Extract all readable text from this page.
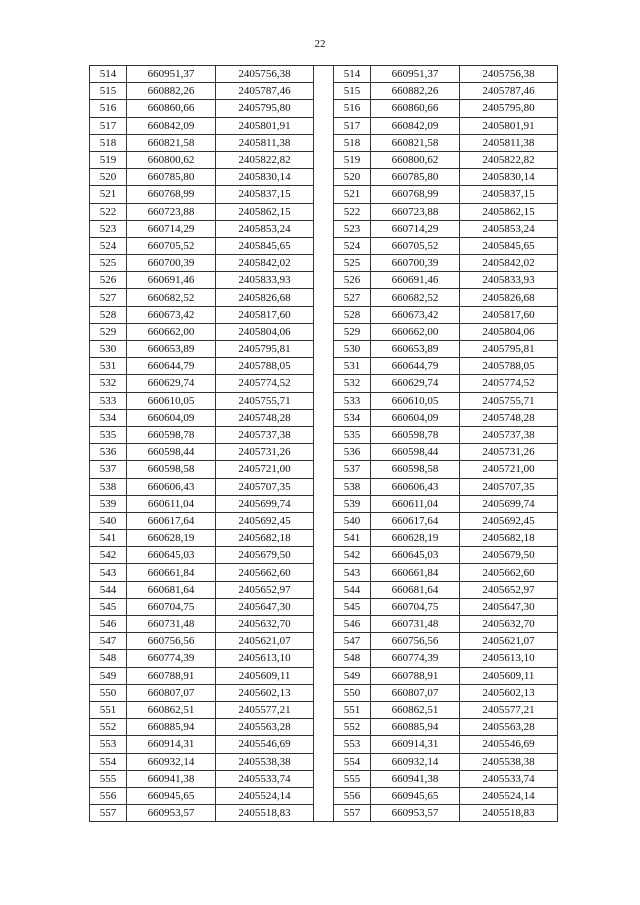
22
514	660951,37	2405756,38		514	660951,37	2405756,38
515	660882,26	2405787,46		515	660882,26	2405787,46
516	660860,66	2405795,80		516	660860,66	2405795,80
517	660842,09	2405801,91		517	660842,09	2405801,91
518	660821,58	2405811,38		518	660821,58	2405811,38
519	660800,62	2405822,82		519	660800,62	2405822,82
520	660785,80	2405830,14		520	660785,80	2405830,14
521	660768,99	2405837,15		521	660768,99	2405837,15
522	660723,88	2405862,15		522	660723,88	2405862,15
523	660714,29	2405853,24		523	660714,29	2405853,24
524	660705,52	2405845,65		524	660705,52	2405845,65
525	660700,39	2405842,02		525	660700,39	2405842,02
526	660691,46	2405833,93		526	660691,46	2405833,93
527	660682,52	2405826,68		527	660682,52	2405826,68
528	660673,42	2405817,60		528	660673,42	2405817,60
529	660662,00	2405804,06		529	660662,00	2405804,06
530	660653,89	2405795,81		530	660653,89	2405795,81
531	660644,79	2405788,05		531	660644,79	2405788,05
532	660629,74	2405774,52		532	660629,74	2405774,52
533	660610,05	2405755,71		533	660610,05	2405755,71
534	660604,09	2405748,28		534	660604,09	2405748,28
535	660598,78	2405737,38		535	660598,78	2405737,38
536	660598,44	2405731,26		536	660598,44	2405731,26
537	660598,58	2405721,00		537	660598,58	2405721,00
538	660606,43	2405707,35		538	660606,43	2405707,35
539	660611,04	2405699,74		539	660611,04	2405699,74
540	660617,64	2405692,45		540	660617,64	2405692,45
541	660628,19	2405682,18		541	660628,19	2405682,18
542	660645,03	2405679,50		542	660645,03	2405679,50
543	660661,84	2405662,60		543	660661,84	2405662,60
544	660681,64	2405652,97		544	660681,64	2405652,97
545	660704,75	2405647,30		545	660704,75	2405647,30
546	660731,48	2405632,70		546	660731,48	2405632,70
547	660756,56	2405621,07		547	660756,56	2405621,07
548	660774,39	2405613,10		548	660774,39	2405613,10
549	660788,91	2405609,11		549	660788,91	2405609,11
550	660807,07	2405602,13		550	660807,07	2405602,13
551	660862,51	2405577,21		551	660862,51	2405577,21
552	660885,94	2405563,28		552	660885,94	2405563,28
553	660914,31	2405546,69		553	660914,31	2405546,69
554	660932,14	2405538,38		554	660932,14	2405538,38
555	660941,38	2405533,74		555	660941,38	2405533,74
556	660945,65	2405524,14		556	660945,65	2405524,14
557	660953,57	2405518,83		557	660953,57	2405518,83
